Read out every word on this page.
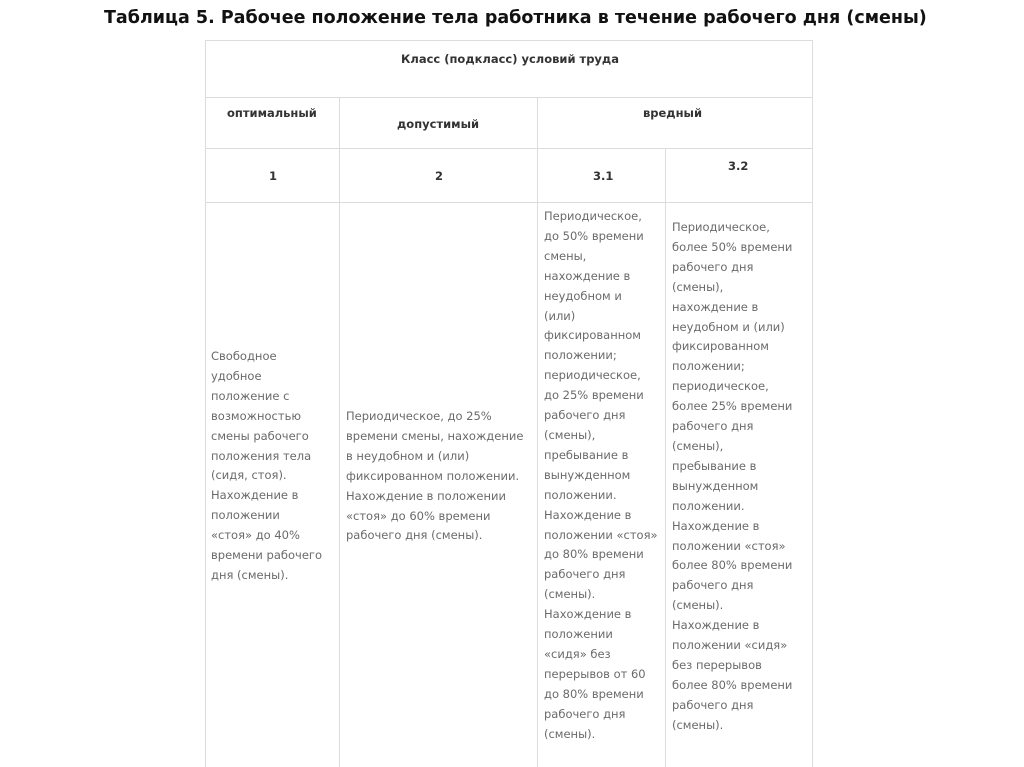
Таблица 5. Рабочее положение тела работника в течение рабочего дня (смены)
Класс (подкласс) условий труда
оптимальный
допустимый
вредный
1	2	3.1
3.2
Свободное
удобное
положение с
возможностью
смены рабочего
положения тела
(сидя, стоя).
Нахождение в
положении
«стоя» до 40%
времени рабочего
дня (смены).
Периодическое, до 25%
времени смены, нахождение
в неудобном и (или)
фиксированном положении.
Нахождение в положении
«стоя» до 60% времени
рабочего дня (смены).
Периодическое,
до 50% времени
смены,
нахождение в
неудобном и
(или)
фиксированном
положении;
периодическое,
до 25% времени
рабочего дня
(смены),
пребывание в
вынужденном
положении.
Нахождение в
положении «стоя»
до 80% времени
рабочего дня
(смены).
Нахождение в
положении
«сидя» без
перерывов от 60
до 80% времени
рабочего дня
(смены).
Периодическое,
более 50% времени
рабочего дня
(смены),
нахождение в
неудобном и (или)
фиксированном
положении;
периодическое,
более 25% времени
рабочего дня
(смены),
пребывание в
вынужденном
положении.
Нахождение в
положении «стоя»
более 80% времени
рабочего дня
(смены).
Нахождение в
положении «сидя»
без перерывов
более 80% времени
рабочего дня
(смены).
